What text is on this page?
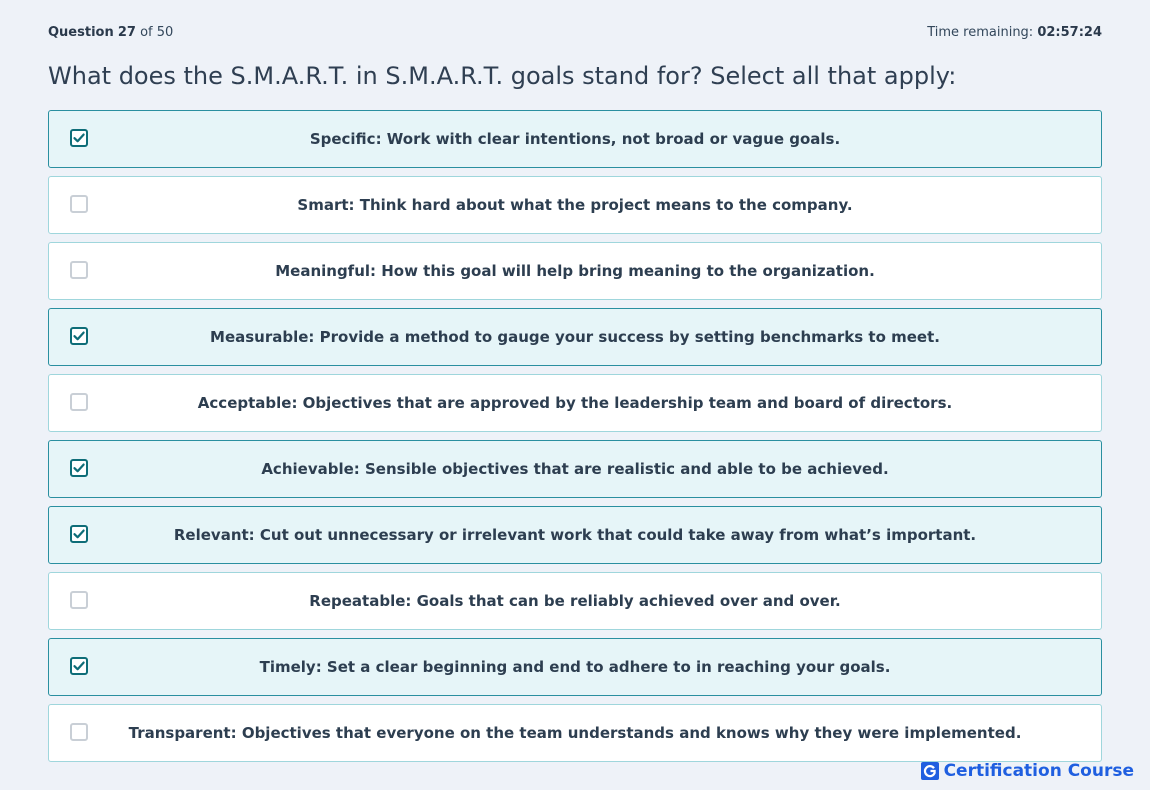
Question 27 of 50	Time remaining: 02:57:24
What does the S.M.A.R.T. in S.M.A.R.T. goals stand for? Select all that apply:
Specific: Work with clear intentions, not broad or vague goals.
Smart: Think hard about what the project means to the company.
Meaningful: How this goal will help bring meaning to the organization.
Measurable: Provide a method to gauge your success by setting benchmarks to meet.
Acceptable: Objectives that are approved by the leadership team and board of directors.
Achievable: Sensible objectives that are realistic and able to be achieved.
Relevant: Cut out unnecessary or irrelevant work that could take away from what’s important.
Repeatable: Goals that can be reliably achieved over and over.
Timely: Set a clear beginning and end to adhere to in reaching your goals.
Transparent: Objectives that everyone on the team understands and knows why they were implemented.
Certification Course
